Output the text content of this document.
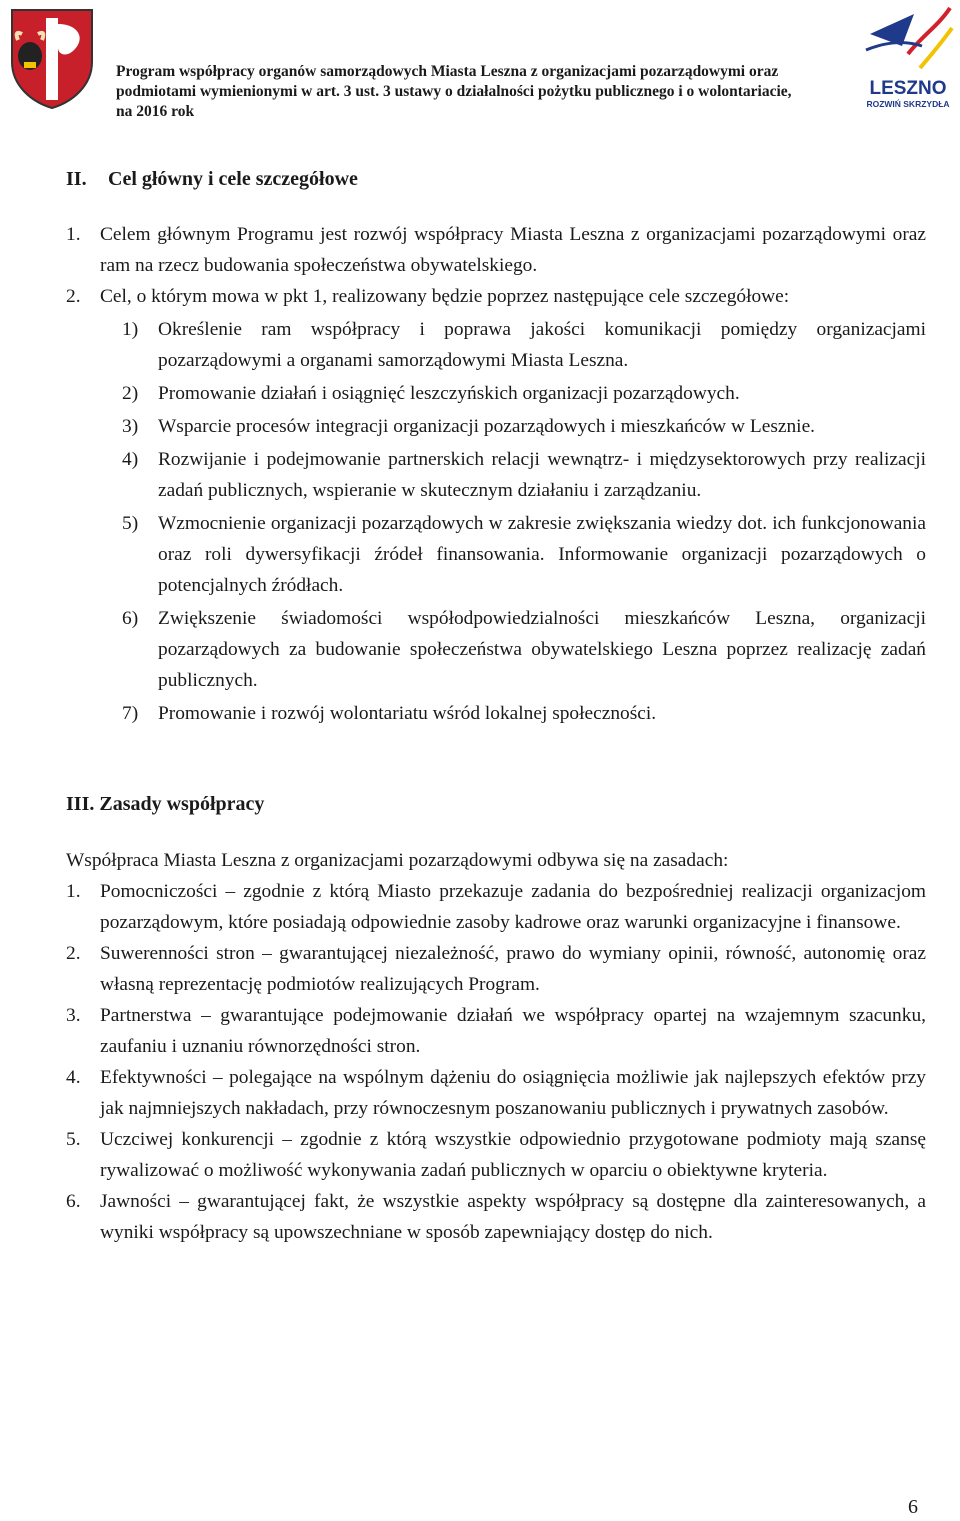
Program współpracy organów samorządowych Miasta Leszna z organizacjami pozarządowymi oraz
podmiotami wymienionymi w art. 3 ust. 3 ustawy o działalności pożytku publicznego i o wolontariacie,
na 2016 rok
LESZNO
ROZWIŃ SKRZYDŁA
II. Cel główny i cele szczegółowe
1.	Celem głównym Programu jest rozwój współpracy Miasta Leszna z organizacjami pozarządowymi oraz ram na rzecz budowania społeczeństwa obywatelskiego.
2.	Cel, o którym mowa w pkt 1, realizowany będzie poprzez następujące cele szczegółowe:
1)	Określenie ram współpracy i poprawa jakości komunikacji pomiędzy organizacjami pozarządowymi a organami samorządowymi Miasta Leszna.
2)	Promowanie działań i osiągnięć leszczyńskich organizacji pozarządowych.
3)	Wsparcie procesów integracji organizacji pozarządowych i mieszkańców w Lesznie.
4)	Rozwijanie i podejmowanie partnerskich relacji wewnątrz- i międzysektorowych przy realizacji zadań publicznych, wspieranie w skutecznym działaniu i zarządzaniu.
5)	Wzmocnienie organizacji pozarządowych w zakresie zwiększania wiedzy dot. ich funkcjonowania oraz roli dywersyfikacji źródeł finansowania. Informowanie organizacji pozarządowych o potencjalnych źródłach.
6)	Zwiększenie świadomości współodpowiedzialności mieszkańców Leszna, organizacji pozarządowych za budowanie społeczeństwa obywatelskiego Leszna poprzez realizację zadań publicznych.
7)	Promowanie i rozwój wolontariatu wśród lokalnej społeczności.
III. Zasady współpracy

Współpraca Miasta Leszna z organizacjami pozarządowymi odbywa się na zasadach:

1.	Pomocniczości – zgodnie z którą Miasto przekazuje zadania do bezpośredniej realizacji organizacjom pozarządowym, które posiadają odpowiednie zasoby kadrowe oraz warunki organizacyjne i finansowe.
2.	Suwerenności stron – gwarantującej niezależność, prawo do wymiany opinii, równość, autonomię oraz własną reprezentację podmiotów realizujących Program.
3.	Partnerstwa – gwarantujące podejmowanie działań we współpracy opartej na wzajemnym szacunku, zaufaniu i uznaniu równorzędności stron.
4.	Efektywności – polegające na wspólnym dążeniu do osiągnięcia możliwie jak najlepszych efektów przy jak najmniejszych nakładach, przy równoczesnym poszanowaniu publicznych i prywatnych zasobów.
5.	Uczciwej konkurencji – zgodnie z którą wszystkie odpowiednio przygotowane podmioty mają szansę rywalizować o możliwość wykonywania zadań publicznych w oparciu o obiektywne kryteria.
6.	Jawności – gwarantującej fakt, że wszystkie aspekty współpracy są dostępne dla zainteresowanych, a wyniki współpracy są upowszechniane w sposób zapewniający dostęp do nich.
6
